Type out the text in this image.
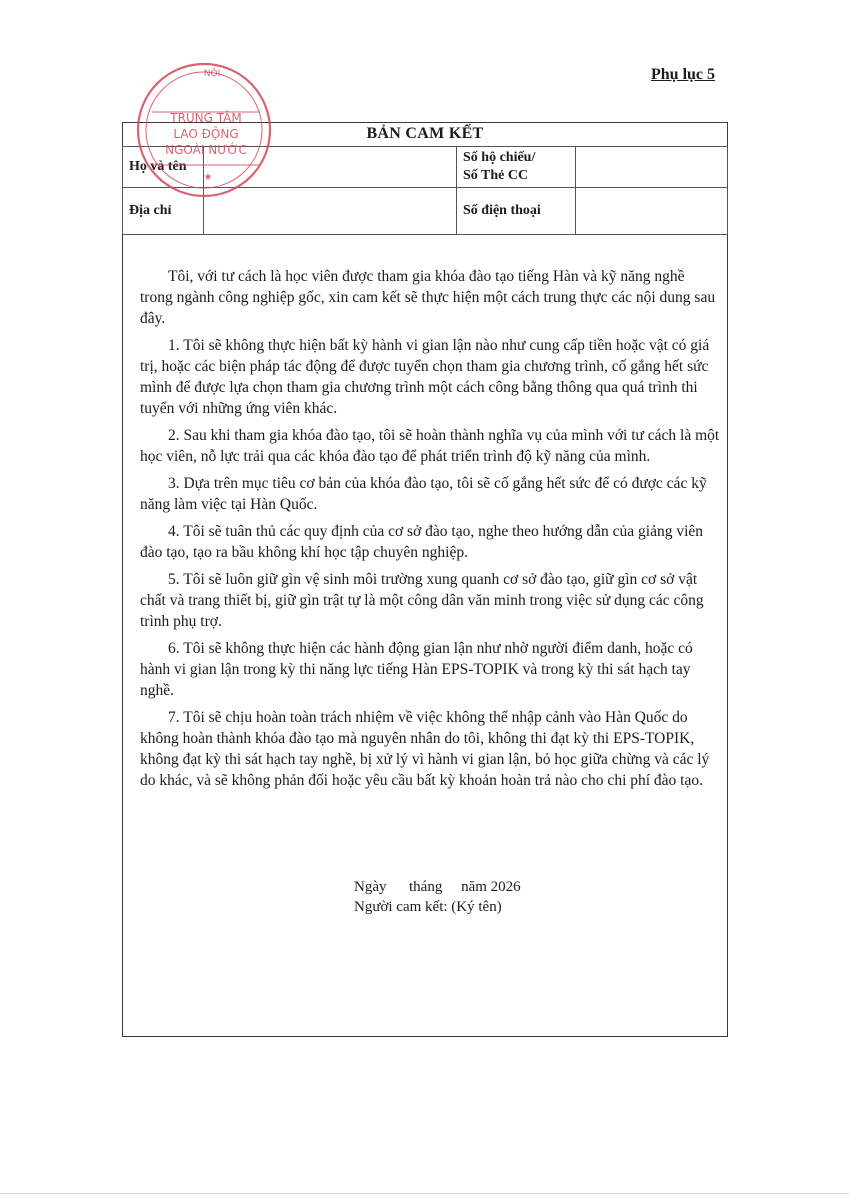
Phụ lục 5
BẢN CAM KẾT
Họ và tên		Số hộ chiếu/
Số Thẻ CC	

Địa chỉ		Số điện thoại	
NỘI
TRUNG TÂM
LAO ĐỘNG
NGOÀI NƯỚC
★

Tôi, với tư cách là học viên được tham gia khóa đào tạo tiếng Hàn và kỹ năng nghề trong ngành công nghiệp gốc, xin cam kết sẽ thực hiện một cách trung thực các nội dung sau đây.

1. Tôi sẽ không thực hiện bất kỳ hành vi gian lận nào như cung cấp tiền hoặc vật có giá trị, hoặc các biện pháp tác động để được tuyển chọn tham gia chương trình, cố gắng hết sức mình để được lựa chọn tham gia chương trình một cách công bằng thông qua quá trình thi tuyển với những ứng viên khác.

2. Sau khi tham gia khóa đào tạo, tôi sẽ hoàn thành nghĩa vụ của mình với tư cách là một học viên, nỗ lực trải qua các khóa đào tạo để phát triển trình độ kỹ năng của mình.

3. Dựa trên mục tiêu cơ bản của khóa đào tạo, tôi sẽ cố gắng hết sức để có được các kỹ năng làm việc tại Hàn Quốc.

4. Tôi sẽ tuân thủ các quy định của cơ sở đào tạo, nghe theo hướng dẫn của giảng viên đào tạo, tạo ra bầu không khí học tập chuyên nghiệp.

5. Tôi sẽ luôn giữ gìn vệ sinh môi trường xung quanh cơ sở đào tạo, giữ gìn cơ sở vật chất và trang thiết bị, giữ gìn trật tự là một công dân văn minh trong việc sử dụng các công trình phụ trợ.

6. Tôi sẽ không thực hiện các hành động gian lận như nhờ người điểm danh, hoặc có hành vi gian lận trong kỳ thi năng lực tiếng Hàn EPS-TOPIK và trong kỳ thi sát hạch tay nghề.

7. Tôi sẽ chịu hoàn toàn trách nhiệm về việc không thể nhập cảnh vào Hàn Quốc do không hoàn thành khóa đào tạo mà nguyên nhân do tôi, không thi đạt kỳ thi EPS-TOPIK, không đạt kỳ thi sát hạch tay nghề, bị xử lý vì hành vi gian lận, bỏ học giữa chừng và các lý do khác, và sẽ không phản đối hoặc yêu cầu bất kỳ khoản hoàn trả nào cho chi phí đào tạo.

Ngày      tháng     năm 2026
Người cam kết: (Ký tên)
